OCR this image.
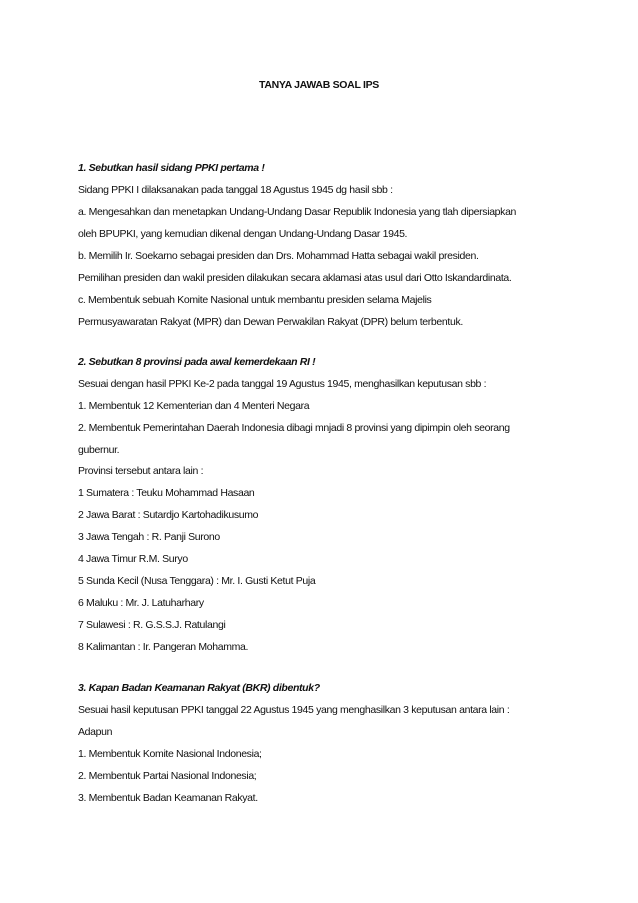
TANYA JAWAB SOAL IPS
1. Sebutkan hasil sidang PPKI pertama !
Sidang PPKI I dilaksanakan pada tanggal 18 Agustus 1945 dg hasil sbb :
a. Mengesahkan dan menetapkan Undang-Undang Dasar Republik Indonesia yang tlah dipersiapkan
oleh BPUPKI, yang kemudian dikenal dengan Undang-Undang Dasar 1945.
b. Memilih Ir. Soekarno sebagai presiden dan Drs. Mohammad Hatta sebagai wakil presiden.
Pemilihan presiden dan wakil presiden dilakukan secara aklamasi atas usul dari Otto Iskandardinata.
c. Membentuk sebuah Komite Nasional untuk membantu presiden selama Majelis
Permusyawaratan Rakyat (MPR) dan Dewan Perwakilan Rakyat (DPR) belum terbentuk.
2. Sebutkan 8 provinsi pada awal kemerdekaan RI !
Sesuai dengan hasil PPKI Ke-2 pada tanggal 19 Agustus 1945, menghasilkan keputusan sbb :
1. Membentuk 12 Kementerian dan 4 Menteri Negara
2. Membentuk Pemerintahan Daerah Indonesia dibagi mnjadi 8 provinsi yang dipimpin oleh seorang
gubernur.
Provinsi tersebut antara lain :
1 Sumatera : Teuku Mohammad Hasaan
2 Jawa Barat : Sutardjo Kartohadikusumo
3 Jawa Tengah : R. Panji Surono
4 Jawa Timur R.M. Suryo
5 Sunda Kecil (Nusa Tenggara) : Mr. I. Gusti Ketut Puja
6 Maluku : Mr. J. Latuharhary
7 Sulawesi : R. G.S.S.J. Ratulangi
8 Kalimantan : Ir. Pangeran Mohamma.
3. Kapan Badan Keamanan Rakyat (BKR) dibentuk?
Sesuai hasil keputusan PPKI tanggal 22 Agustus 1945 yang menghasilkan 3 keputusan antara lain :
Adapun
1. Membentuk Komite Nasional Indonesia;
2. Membentuk Partai Nasional Indonesia;
3. Membentuk Badan Keamanan Rakyat.
